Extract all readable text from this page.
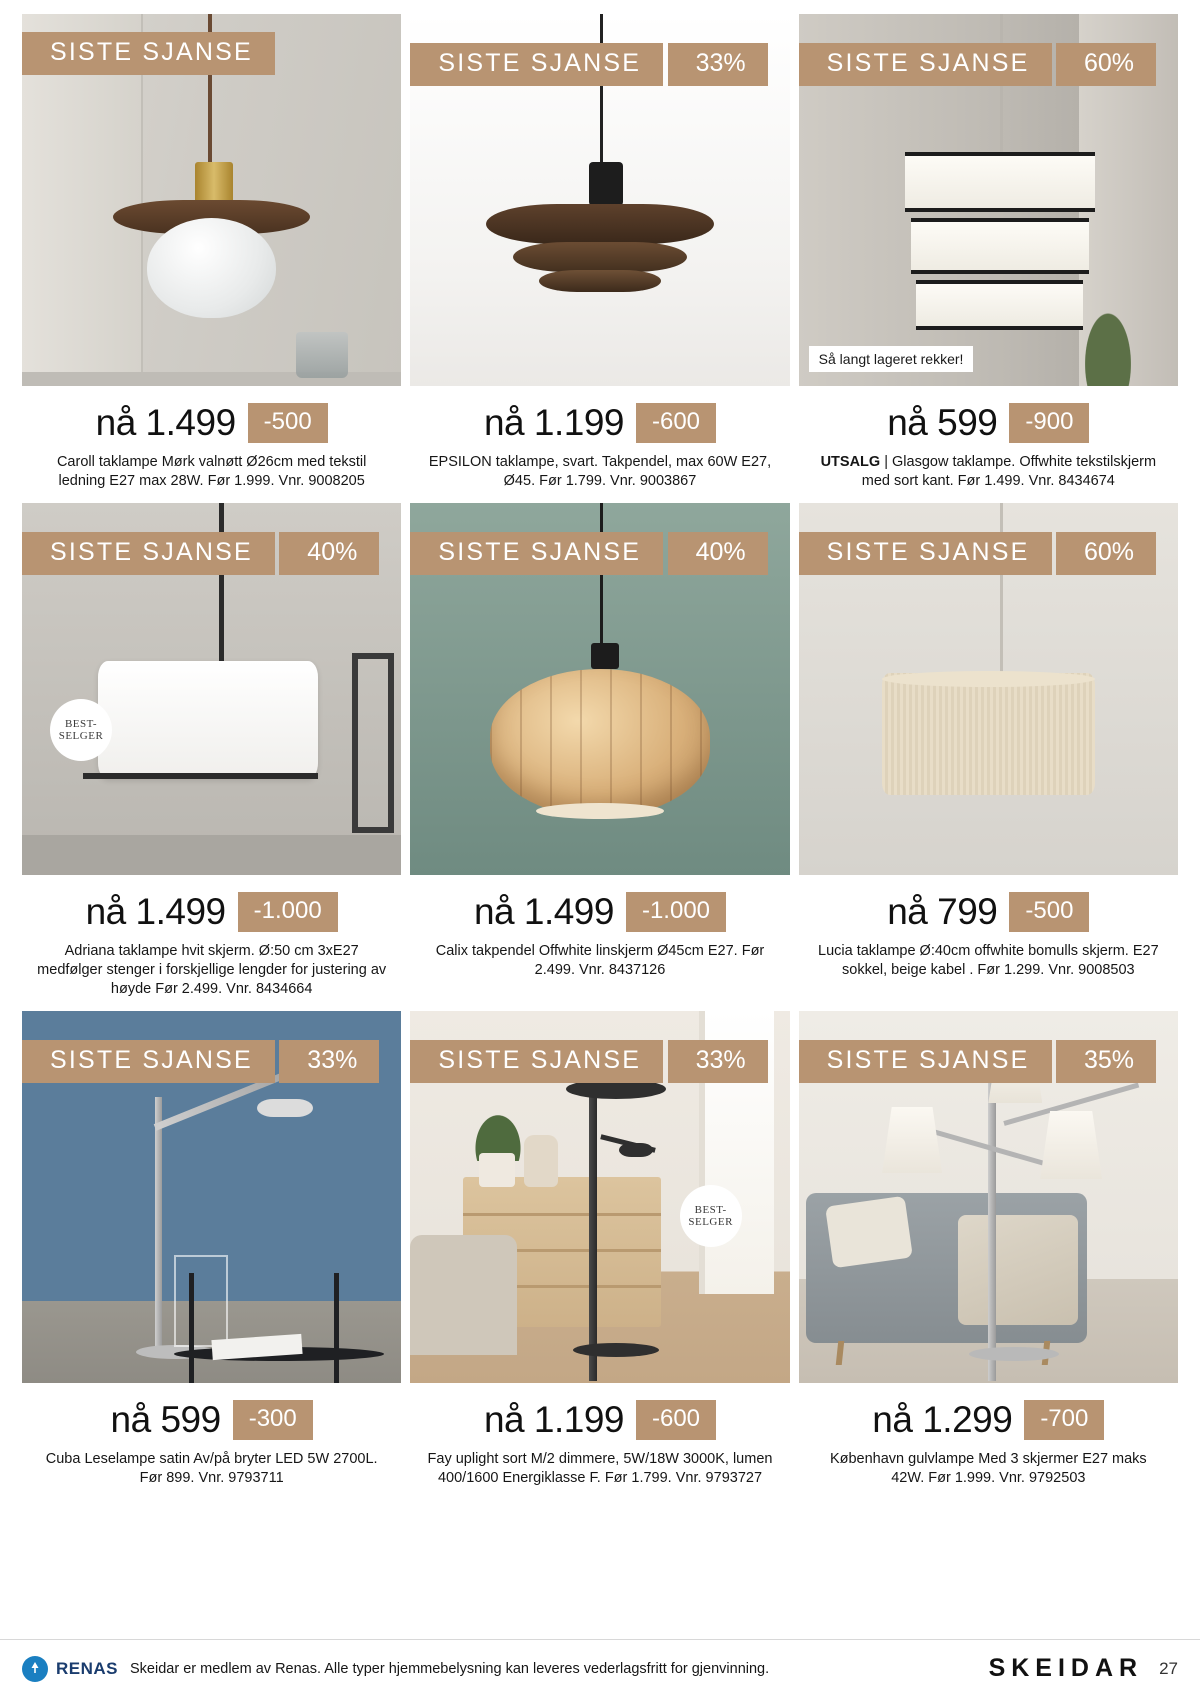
SISTE SJANSE
nå 1.499	-500
Caroll taklampe Mørk valnøtt Ø26cm med tekstil ledning E27 max 28W. Før 1.999. Vnr. 9008205
SISTE SJANSE 33%
nå 1.199	-600
EPSILON taklampe, svart. Takpendel, max 60W E27, Ø45. Før 1.799. Vnr. 9003867
SISTE SJANSE 60%
Så langt lageret rekker!
nå 599	-900
UTSALG | Glasgow taklampe. Offwhite tekstilskjerm med sort kant. Før 1.499. Vnr. 8434674
SISTE SJANSE 40%
BEST-
SELGER
nå 1.499	-1.000
Adriana taklampe hvit skjerm. Ø:50 cm 3xE27 medfølger stenger i forskjellige lengder for justering av høyde Før 2.499. Vnr. 8434664
SISTE SJANSE 40%
nå 1.499	-1.000
Calix takpendel Offwhite linskjerm Ø45cm E27. Før 2.499. Vnr. 8437126
SISTE SJANSE 60%
nå 799	-500
Lucia taklampe Ø:40cm offwhite bomulls skjerm. E27 sokkel, beige kabel . Før 1.299. Vnr. 9008503
SISTE SJANSE 33%
nå 599	-300
Cuba Leselampe satin Av/på bryter LED 5W 2700L. Før 899. Vnr. 9793711
SISTE SJANSE 33%
BEST-
SELGER
nå 1.199	-600
Fay uplight sort M/2 dimmere, 5W/18W 3000K, lumen 400/1600 Energiklasse F. Før 1.799. Vnr. 9793727
SISTE SJANSE 35%
nå 1.299	-700
København gulvlampe Med 3 skjermer E27 maks 42W. Før 1.999. Vnr. 9792503
RENAS Skeidar er medlem av Renas. Alle typer hjemmebelysning kan leveres vederlagsfritt for gjenvinning.	SKEIDAR 27
